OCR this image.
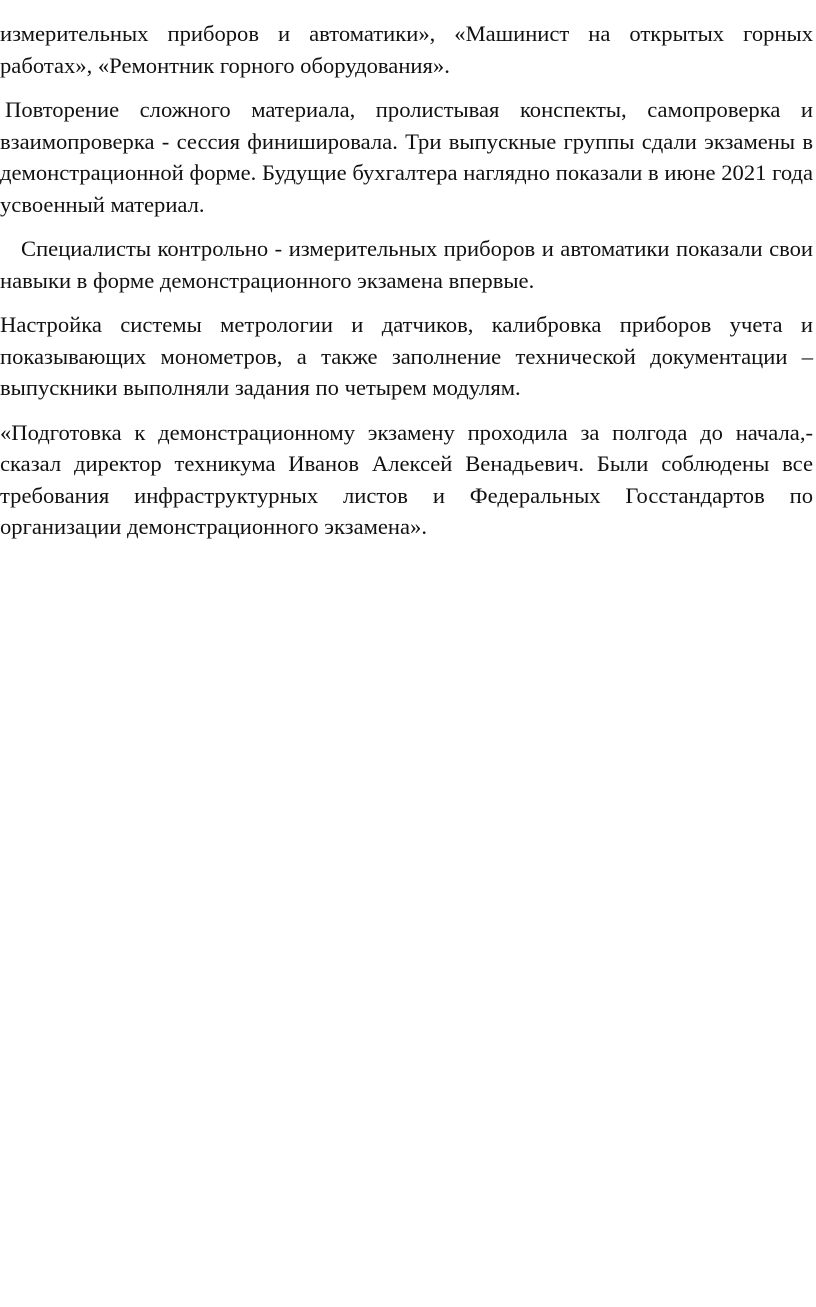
измерительных приборов и автоматики», «Машинист на открытых горных работах», «Ремонтник горного оборудования».

Повторение сложного материала, пролистывая конспекты, самопроверка и взаимопроверка - сессия финишировала. Три выпускные группы сдали экзамены в демонстрационной форме. Будущие бухгалтера наглядно показали в июне 2021 года усвоенный материал.

Специалисты контрольно - измерительных приборов и автоматики показали свои навыки в форме демонстрационного экзамена впервые.

Настройка системы метрологии и датчиков, калибровка приборов учета и показывающих монометров, а также заполнение технической документации – выпускники выполняли задания по четырем модулям.

«Подготовка к демонстрационному экзамену проходила за полгода до начала,- сказал директор техникума Иванов Алексей Венадьевич. Были соблюдены все требования инфраструктурных листов и Федеральных Госстандартов по организации демонстрационного экзамена».
